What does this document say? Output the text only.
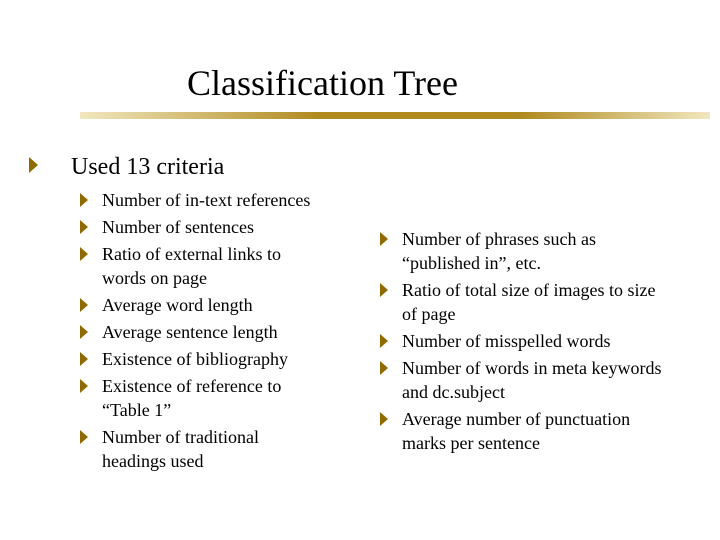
Classification Tree
Used 13 criteria
Number of in-text references
Number of sentences
Ratio of external links to
words on page
Average word length
Average sentence length
Existence of bibliography
Existence of reference to
“Table 1”
Number of traditional
headings used
Number of phrases such as
“published in”, etc.
Ratio of total size of images to size
of page
Number of misspelled words
Number of words in meta keywords
and dc.subject
Average number of punctuation
marks per sentence
